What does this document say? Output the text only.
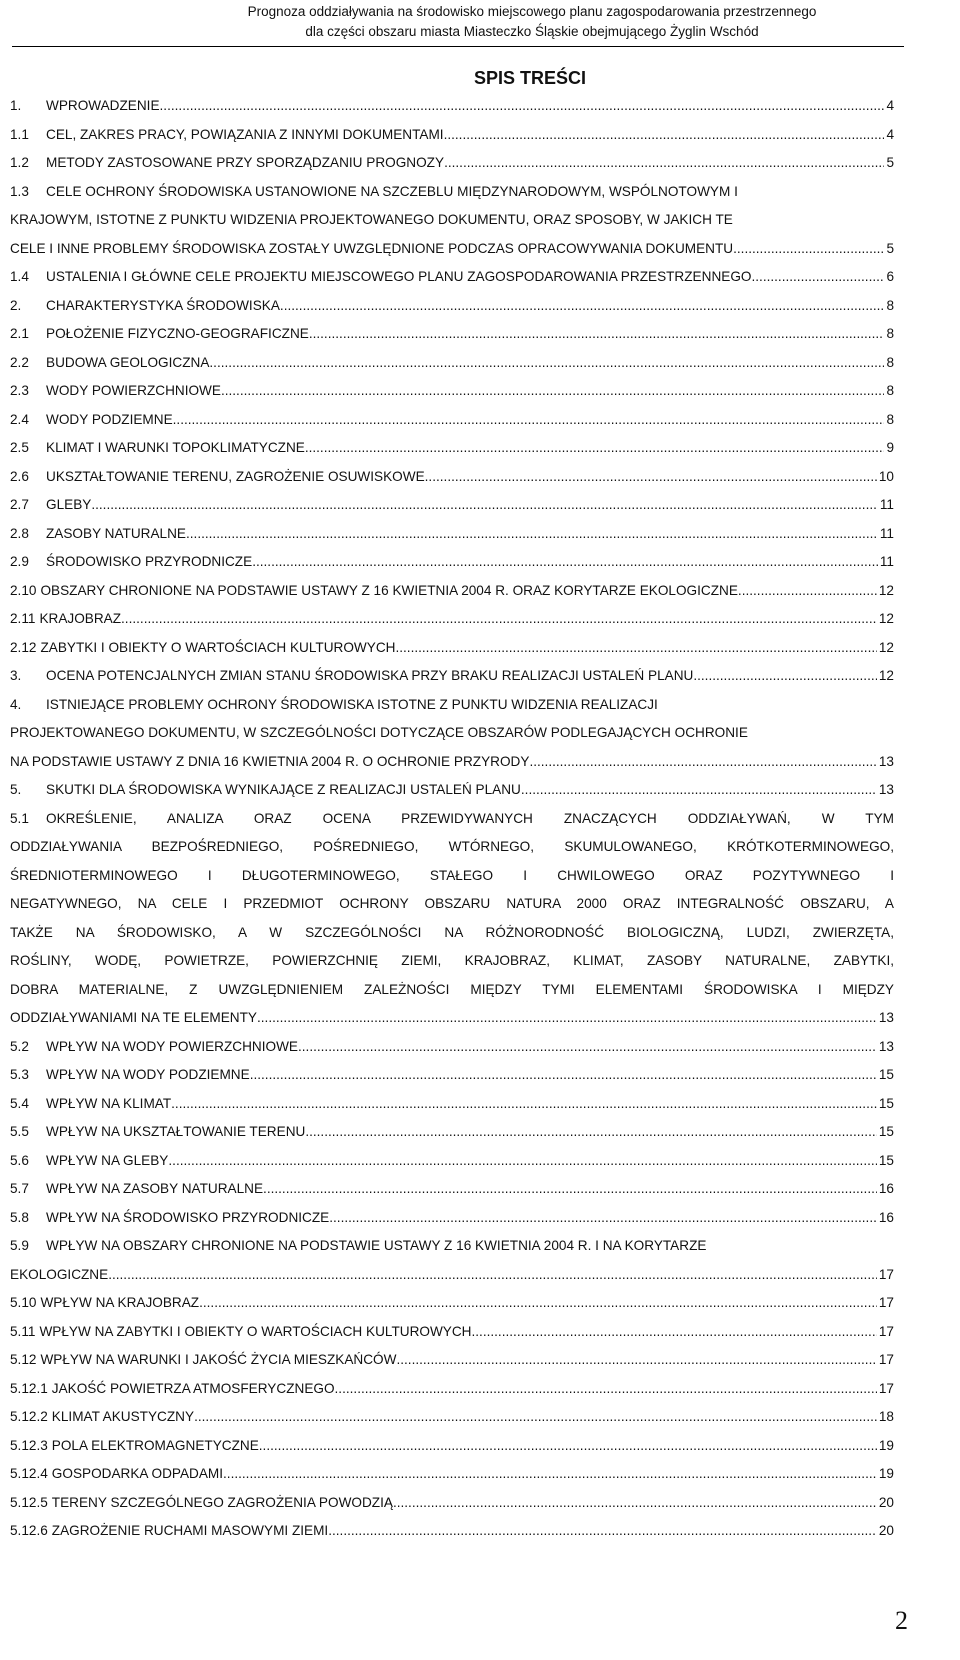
Prognoza oddziaływania na środowisko miejscowego planu zagospodarowania przestrzennego
dla części obszaru miasta Miasteczko Śląskie obejmującego Żyglin Wschód
SPIS TREŚCI
1.	WPROWADZENIE .....	4
1.1	CEL, ZAKRES PRACY, POWIĄZANIA Z INNYMI DOKUMENTAMI .....	4
1.2	METODY ZASTOSOWANE PRZY SPORZĄDZANIU PROGNOZY .....	5
1.3	CELE OCHRONY ŚRODOWISKA USTANOWIONE NA SZCZEBLU MIĘDZYNARODOWYM, WSPÓLNOTOWYM I
KRAJOWYM, ISTOTNE Z PUNKTU WIDZENIA PROJEKTOWANEGO DOKUMENTU, ORAZ SPOSOBY, W JAKICH TE
CELE I INNE PROBLEMY ŚRODOWISKA ZOSTAŁY UWZGLĘDNIONE PODCZAS OPRACOWYWANIA DOKUMENTU .....	5
1.4	USTALENIA I GŁÓWNE CELE PROJEKTU MIEJSCOWEGO PLANU ZAGOSPODAROWANIA PRZESTRZENNEGO .....	6
2.	CHARAKTERYSTYKA ŚRODOWISKA .....	8
2.1	POŁOŻENIE FIZYCZNO-GEOGRAFICZNE .....	8
2.2	BUDOWA GEOLOGICZNA .....	8
2.3	WODY POWIERZCHNIOWE .....	8
2.4	WODY PODZIEMNE .....	8
2.5	KLIMAT I WARUNKI TOPOKLIMATYCZNE .....	9
2.6	UKSZTAŁTOWANIE TERENU, ZAGROŻENIE OSUWISKOWE .....	10
2.7	GLEBY .....	11
2.8	ZASOBY NATURALNE .....	11
2.9	ŚRODOWISKO PRZYRODNICZE .....	11
2.10 OBSZARY CHRONIONE NA PODSTAWIE USTAWY Z 16 KWIETNIA 2004 R. ORAZ KORYTARZE EKOLOGICZNE .....	12
2.11 KRAJOBRAZ .....	12
2.12 ZABYTKI I OBIEKTY O WARTOŚCIACH KULTUROWYCH .....	12
3.	OCENA POTENCJALNYCH ZMIAN STANU ŚRODOWISKA PRZY BRAKU REALIZACJI USTALEŃ PLANU .....	12
4.	ISTNIEJĄCE PROBLEMY OCHRONY ŚRODOWISKA ISTOTNE Z PUNKTU WIDZENIA REALIZACJI
PROJEKTOWANEGO DOKUMENTU, W SZCZEGÓLNOŚCI DOTYCZĄCE OBSZARÓW PODLEGAJĄCYCH OCHRONIE
NA PODSTAWIE USTAWY Z DNIA 16 KWIETNIA 2004 R. O OCHRONIE PRZYRODY .....	13
5.	SKUTKI DLA ŚRODOWISKA WYNIKAJĄCE Z REALIZACJI USTALEŃ PLANU .....	13
5.1 OKREŚLENIE, ANALIZA ORAZ OCENA PRZEWIDYWANYCH ZNACZĄCYCH ODDZIAŁYWAŃ, W TYM
ODDZIAŁYWANIA BEZPOŚREDNIEGO, POŚREDNIEGO, WTÓRNEGO, SKUMULOWANEGO, KRÓTKOTERMINOWEGO,
ŚREDNIOTERMINOWEGO I DŁUGOTERMINOWEGO, STAŁEGO I CHWILOWEGO ORAZ POZYTYWNEGO I
NEGATYWNEGO, NA CELE I PRZEDMIOT OCHRONY OBSZARU NATURA 2000 ORAZ INTEGRALNOŚĆ OBSZARU, A
TAKŻE NA ŚRODOWISKO, A W SZCZEGÓLNOŚCI NA RÓŻNORODNOŚĆ BIOLOGICZNĄ, LUDZI, ZWIERZĘTA,
ROŚLINY, WODĘ, POWIETRZE, POWIERZCHNIĘ ZIEMI, KRAJOBRAZ, KLIMAT, ZASOBY NATURALNE, ZABYTKI,
DOBRA MATERIALNE, Z UWZGLĘDNIENIEM ZALEŻNOŚCI MIĘDZY TYMI ELEMENTAMI ŚRODOWISKA I MIĘDZY
ODDZIAŁYWANIAMI NA TE ELEMENTY .....	13
5.2	WPŁYW NA WODY POWIERZCHNIOWE .....	13
5.3	WPŁYW NA WODY PODZIEMNE .....	15
5.4	WPŁYW NA KLIMAT .....	15
5.5	WPŁYW NA UKSZTAŁTOWANIE TERENU .....	15
5.6	WPŁYW NA GLEBY .....	15
5.7	WPŁYW NA ZASOBY NATURALNE .....	16
5.8	WPŁYW NA ŚRODOWISKO PRZYRODNICZE .....	16
5.9	WPŁYW NA OBSZARY CHRONIONE NA PODSTAWIE USTAWY Z 16 KWIETNIA 2004 R. I NA KORYTARZE
EKOLOGICZNE .....	17
5.10 WPŁYW NA KRAJOBRAZ .....	17
5.11 WPŁYW NA ZABYTKI I OBIEKTY O WARTOŚCIACH KULTUROWYCH .....	17
5.12 WPŁYW NA WARUNKI I JAKOŚĆ ŻYCIA MIESZKAŃCÓW .....	17
5.12.1 JAKOŚĆ POWIETRZA ATMOSFERYCZNEGO .....	17
5.12.2 KLIMAT AKUSTYCZNY .....	18
5.12.3 POLA ELEKTROMAGNETYCZNE .....	19
5.12.4 GOSPODARKA ODPADAMI .....	19
5.12.5 TERENY SZCZEGÓLNEGO ZAGROŻENIA POWODZIĄ .....	20
5.12.6 ZAGROŻENIE RUCHAMI MASOWYMI ZIEMI .....	20
2
